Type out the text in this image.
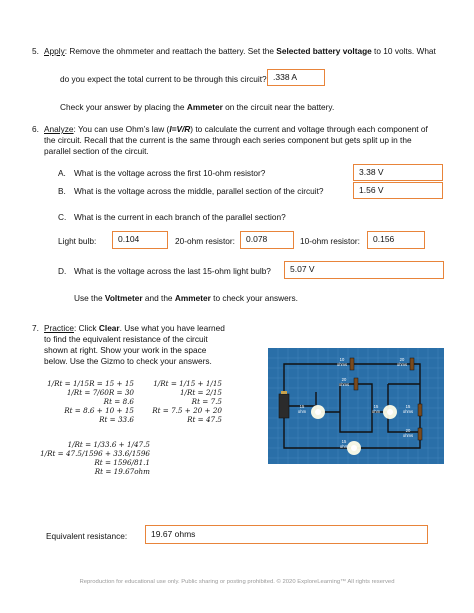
5. Apply: Remove the ohmmeter and reattach the battery. Set the Selected battery voltage to 10 volts. What
do you expect the total current to be through this circuit? .338 A
Check your answer by placing the Ammeter on the circuit near the battery.
6. Analyze: You can use Ohm’s law (I=V/R) to calculate the current and voltage through each component of
the circuit. Recall that the current is the same through each series component but gets split up in the
parallel section of the circuit.
A. What is the voltage across the first 10-ohm resistor?	3.38 V
B. What is the voltage across the middle, parallel section of the circuit?	1.56 V
C. What is the current in each branch of the parallel section?
Light bulb:	0.104	20-ohm resistor:	0.078	10-ohm resistor:	0.156
D. What is the voltage across the last 15-ohm light bulb?	5.07 V
Use the Voltmeter and the Ammeter to check your answers.
7. Practice: Click Clear. Use what you have learned
to find the equivalent resistance of the circuit
shown at right. Show your work in the space
below. Use the Gizmo to check your answers.
1/Rt = 1/15R = 15 + 15
1/Rt = 7/60R = 30
Rt = 8.6
Rt = 8.6 + 10 + 15
Rt = 33.6
1/Rt = 1/15 + 1/15
1/Rt = 2/15
Rt = 7.5
Rt = 7.5 + 20 + 20
Rt = 47.5
1/Rt = 1/33.6 + 1/47.5
1/Rt = 47.5/1596 + 33.6/1596
Rt = 1596/81.1
Rt = 19.67ohm
10
ohms
20
ohms
20
ohms
15
ohm
15
ohm
15
ohms
20
ohms
15
ohm
Equivalent resistance:	19.67 ohms
Reproduction for educational use only. Public sharing or posting prohibited. © 2020 ExploreLearning™ All rights reserved
